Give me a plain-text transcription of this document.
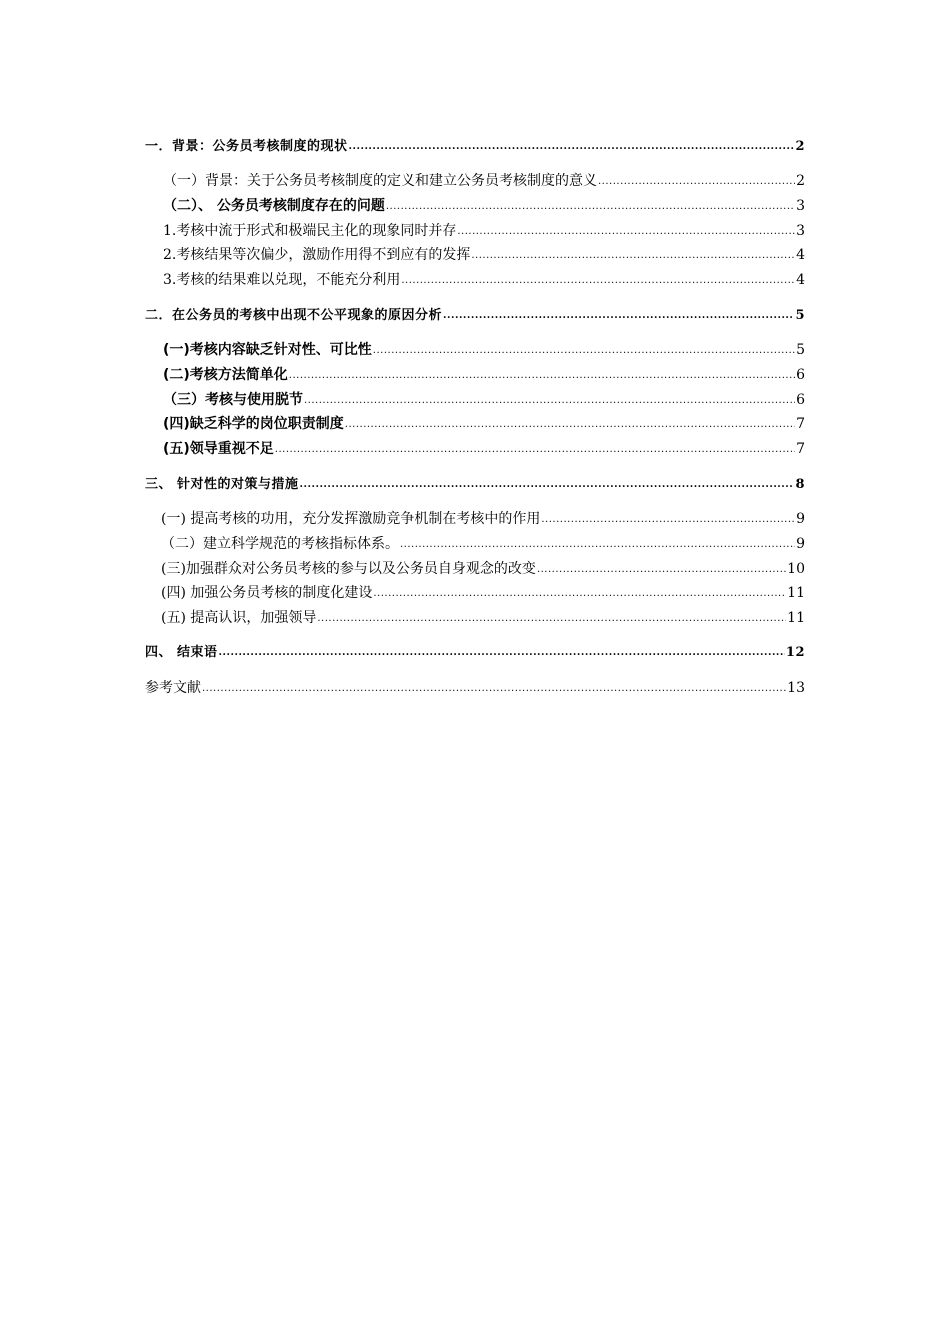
一．背景：公务员考核制度的现状 .....	2
（一）背景：关于公务员考核制度的定义和建立公务员考核制度的意义 .....	2
（二）、 公务员考核制度存在的问题 .....	3
1.考核中流于形式和极端民主化的现象同时并存 .....	3
2.考核结果等次偏少，激励作用得不到应有的发挥 .....	4
3.考核的结果难以兑现，不能充分利用 .....	4
二．在公务员的考核中出现不公平现象的原因分析 .....	5
(一)考核内容缺乏针对性、可比性 .....	5
(二)考核方法简单化 .....	6
（三）考核与使用脱节 .....	6
(四)缺乏科学的岗位职责制度 .....	7
(五)领导重视不足 .....	7
三、 针对性的对策与措施 .....	8
(一) 提高考核的功用，充分发挥激励竞争机制在考核中的作用 .....	9
（二）建立科学规范的考核指标体系。 .....	9
(三)加强群众对公务员考核的参与以及公务员自身观念的改变 .....	10
(四) 加强公务员考核的制度化建设 .....	11
(五) 提高认识，加强领导 .....	11
四、 结束语 .....	12
参考文献 .....	13
